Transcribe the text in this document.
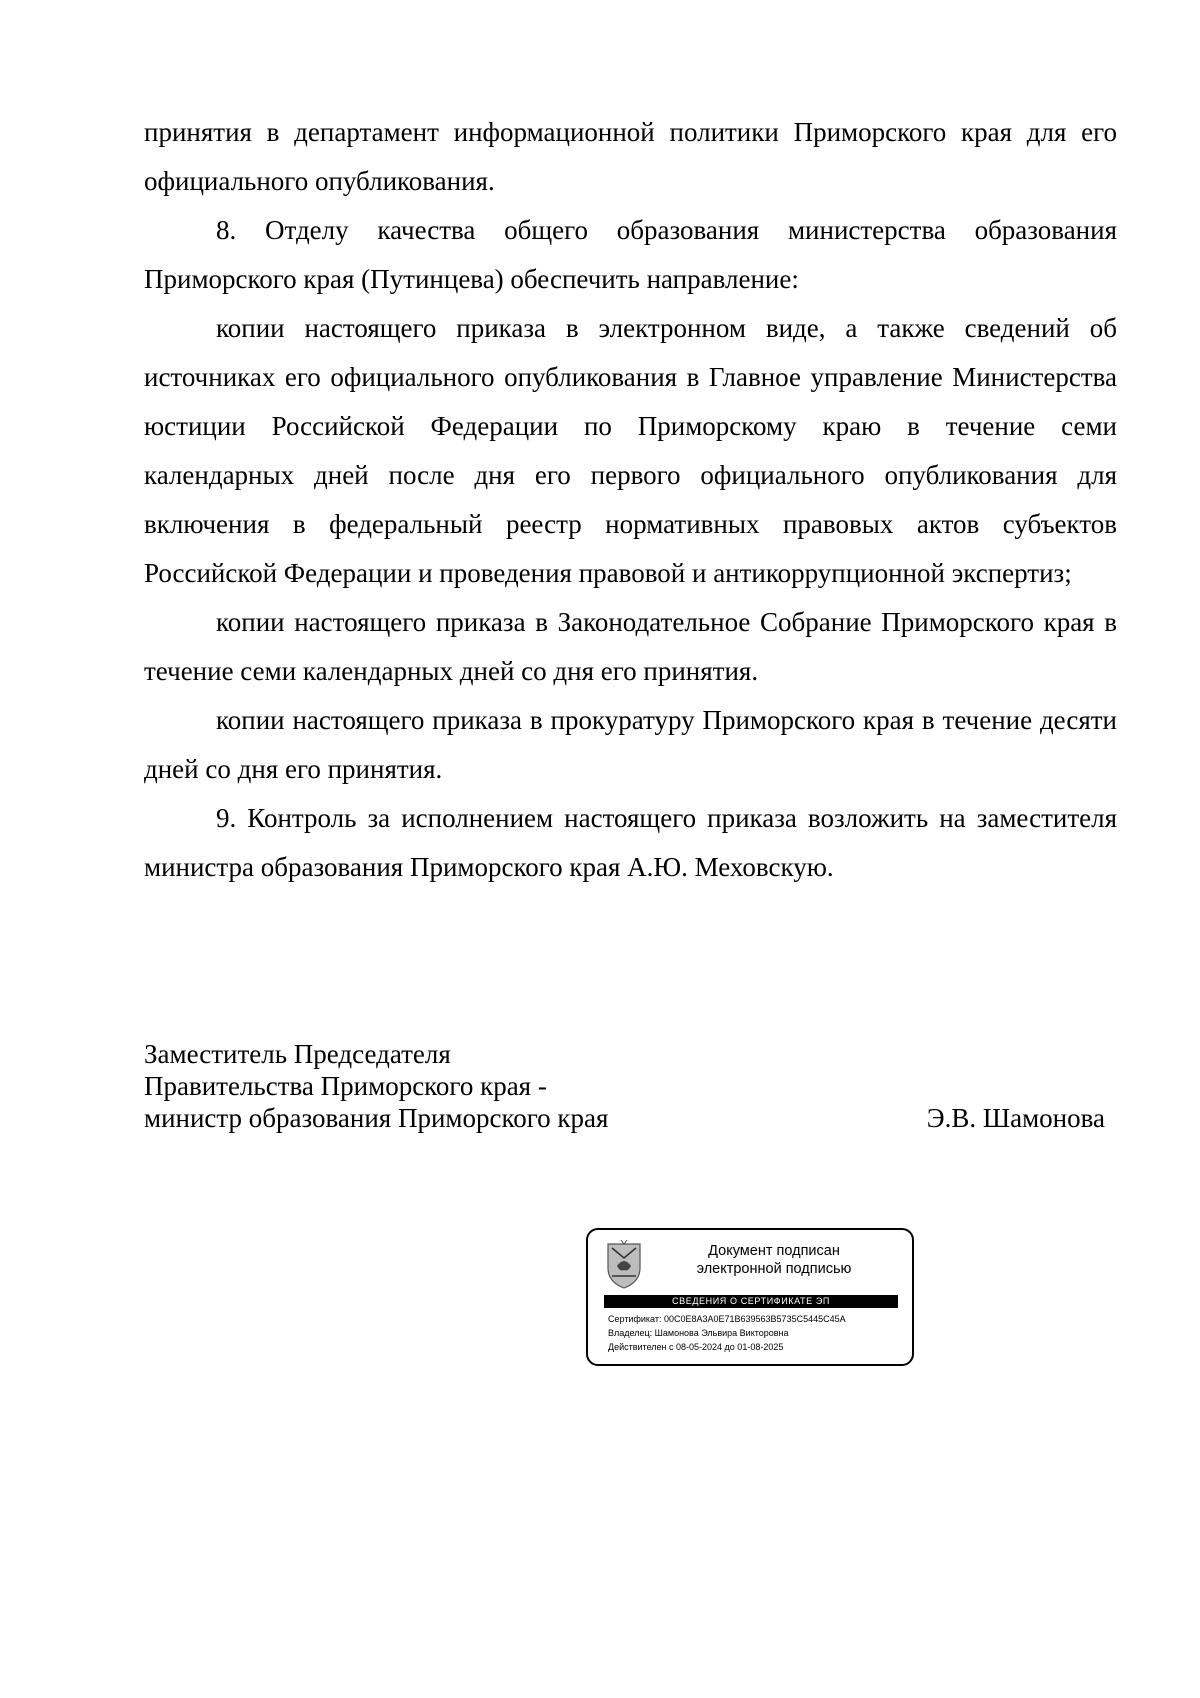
принятия в департамент информационной политики Приморского края для его официального опубликования.

8. Отделу качества общего образования министерства образования Приморского края (Путинцева) обеспечить направление:

копии настоящего приказа в электронном виде, а также сведений об источниках его официального опубликования в Главное управление Министерства юстиции Российской Федерации по Приморскому краю в течение семи календарных дней после дня его первого официального опубликования для включения в федеральный реестр нормативных правовых актов субъектов Российской Федерации и проведения правовой и антикоррупционной экспертиз;

копии настоящего приказа в Законодательное Собрание Приморского края в течение семи календарных дней со дня его принятия.

копии настоящего приказа в прокуратуру Приморского края в течение десяти дней со дня его принятия.

9. Контроль за исполнением настоящего приказа возложить на заместителя министра образования Приморского края А.Ю. Меховскую.

Заместитель Председателя
Правительства Приморского края -
министр образования Приморского края	Э.В. Шамонова
Документ подписан
электронной подписью
СВЕДЕНИЯ О СЕРТИФИКАТЕ ЭП
Сертификат: 00C0E8A3A0E71B639563B5735C5445C45A
Владелец: Шамонова Эльвира Викторовна
Действителен с 08-05-2024 до 01-08-2025
